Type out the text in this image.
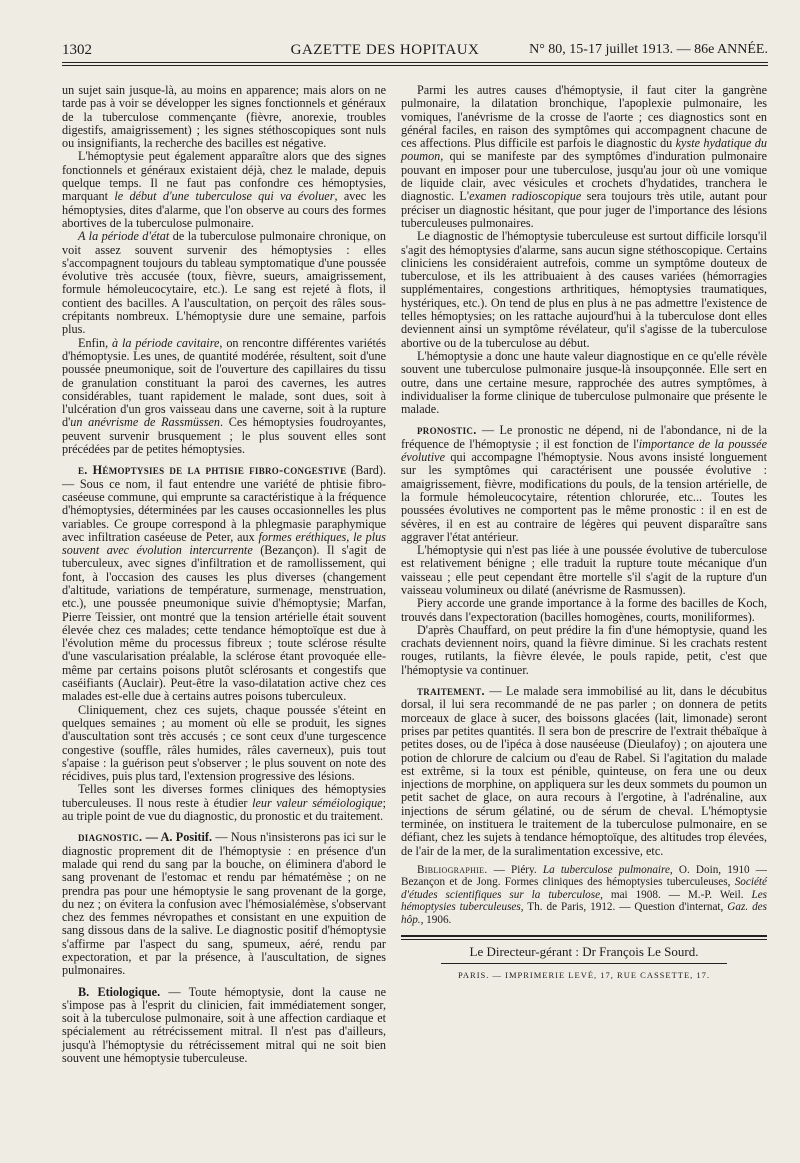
1302	GAZETTE DES HOPITAUX	N° 80, 15-17 juillet 1913. — 86e ANNÉE.

un sujet sain jusque-là, au moins en apparence; mais alors on ne tarde pas à voir se développer les signes fonctionnels et généraux de la tuberculose commençante (fièvre, anorexie, troubles digestifs, amaigrissement) ; les signes stéthoscopiques sont nuls ou insignifiants, la recherche des bacilles est négative.

L'hémoptysie peut également apparaître alors que des signes fonctionnels et généraux existaient déjà, chez le malade, depuis quelque temps. Il ne faut pas confondre ces hémoptysies, marquant le début d'une tuberculose qui va évoluer, avec les hémoptysies, dites d'alarme, que l'on observe au cours des formes abortives de la tuberculose pulmonaire.

A la période d'état de la tuberculose pulmonaire chronique, on voit assez souvent survenir des hémoptysies : elles s'accompagnent toujours du tableau symptomatique d'une poussée évolutive très accusée (toux, fièvre, sueurs, amaigrissement, formule hémoleucocytaire, etc.). Le sang est rejeté à flots, il contient des bacilles. A l'auscultation, on perçoit des râles sous-crépitants nombreux. L'hémoptysie dure une semaine, parfois plus.

Enfin, à la période cavitaire, on rencontre différentes variétés d'hémoptysie. Les unes, de quantité modérée, résultent, soit d'une poussée pneumonique, soit de l'ouverture des capillaires du tissu de granulation constituant la paroi des cavernes, les autres considérables, tuant rapidement le malade, sont dues, soit à l'ulcération d'un gros vaisseau dans une caverne, soit à la rupture d'un anévrisme de Rassmüssen. Ces hémoptysies foudroyantes, peuvent survenir brusquement ; le plus souvent elles sont précédées par de petites hémoptysies.

e. Hémoptysies de la phtisie fibro-congestive (Bard). — Sous ce nom, il faut entendre une variété de phtisie fibro-caséeuse commune, qui emprunte sa caractéristique à la fréquence d'hémoptysies, déterminées par les causes occasionnelles les plus variables. Ce groupe correspond à la phlegmasie paraphymique avec infiltration caséeuse de Peter, aux formes eréthiques, le plus souvent avec évolution intercurrente (Bezançon). Il s'agit de tuberculeux, avec signes d'infiltration et de ramollissement, qui font, à l'occasion des causes les plus diverses (changement d'altitude, variations de température, surmenage, menstruation, etc.), une poussée pneumonique suivie d'hémoptysie; Marfan, Pierre Teissier, ont montré que la tension artérielle était souvent élevée chez ces malades; cette tendance hémoptoïque est due à l'évolution même du processus fibreux ; toute sclérose résulte d'une vascularisation préalable, la sclérose étant provoquée elle-même par certains poisons plutôt sclérosants et congestifs que caséifiants (Auclair). Peut-être la vaso-dilatation active chez ces malades est-elle due à certains autres poisons tuberculeux.

Cliniquement, chez ces sujets, chaque poussée s'éteint en quelques semaines ; au moment où elle se produit, les signes d'auscultation sont très accusés ; ce sont ceux d'une turgescence congestive (souffle, râles humides, râles caverneux), puis tout s'apaise : la guérison peut s'observer ; le plus souvent on note des récidives, puis plus tard, l'extension progressive des lésions.

Telles sont les diverses formes cliniques des hémoptysies tuberculeuses. Il nous reste à étudier leur valeur séméiologique; au triple point de vue du diagnostic, du pronostic et du traitement.

diagnostic. — A. Positif. — Nous n'insisterons pas ici sur le diagnostic proprement dit de l'hémoptysie : en présence d'un malade qui rend du sang par la bouche, on éliminera d'abord le sang provenant de l'estomac et rendu par hématémèse ; on ne prendra pas pour une hémoptysie le sang provenant de la gorge, du nez ; on évitera la confusion avec l'hémosialémèse, s'observant chez des femmes névropathes et consistant en une expuition de sang dissous dans de la salive. Le diagnostic positif d'hémoptysie s'affirme par l'aspect du sang, spumeux, aéré, rendu par expectoration, et par la présence, à l'auscultation, de signes pulmonaires.

B. Etiologique. — Toute hémoptysie, dont la cause ne s'impose pas à l'esprit du clinicien, fait immédiatement songer, soit à la tuberculose pulmonaire, soit à une affection cardiaque et spécialement au rétrécissement mitral. Il n'est pas d'ailleurs, jusqu'à l'hémoptysie du rétrécissement mitral qui ne soit bien souvent une hémoptysie tuberculeuse.

Parmi les autres causes d'hémoptysie, il faut citer la gangrène pulmonaire, la dilatation bronchique, l'apoplexie pulmonaire, les vomiques, l'anévrisme de la crosse de l'aorte ; ces diagnostics sont en général faciles, en raison des symptômes qui accompagnent chacune de ces affections. Plus difficile est parfois le diagnostic du kyste hydatique du poumon, qui se manifeste par des symptômes d'induration pulmonaire pouvant en imposer pour une tuberculose, jusqu'au jour où une vomique de liquide clair, avec vésicules et crochets d'hydatides, tranchera le diagnostic. L'examen radioscopique sera toujours très utile, autant pour préciser un diagnostic hésitant, que pour juger de l'importance des lésions tuberculeuses pulmonaires.

Le diagnostic de l'hémoptysie tuberculeuse est surtout difficile lorsqu'il s'agit des hémoptysies d'alarme, sans aucun signe stéthoscopique. Certains cliniciens les considéraient autrefois, comme un symptôme douteux de tuberculose, et ils les attribuaient à des causes variées (hémorragies supplémentaires, congestions arthritiques, hémoptysies traumatiques, hystériques, etc.). On tend de plus en plus à ne pas admettre l'existence de telles hémoptysies; on les rattache aujourd'hui à la tuberculose dont elles deviennent ainsi un symptôme révélateur, qu'il s'agisse de la tuberculose abortive ou de la tuberculose au début.

L'hémoptysie a donc une haute valeur diagnostique en ce qu'elle révèle souvent une tuberculose pulmonaire jusque-là insoupçonnée. Elle sert en outre, dans une certaine mesure, rapprochée des autres symptômes, à individualiser la forme clinique de tuberculose pulmonaire que présente le malade.

pronostic. — Le pronostic ne dépend, ni de l'abondance, ni de la fréquence de l'hémoptysie ; il est fonction de l'importance de la poussée évolutive qui accompagne l'hémoptysie. Nous avons insisté longuement sur les symptômes qui caractérisent une poussée évolutive : amaigrissement, fièvre, modifications du pouls, de la tension artérielle, de la formule hémoleucocytaire, rétention chlorurée, etc... Toutes les poussées évolutives ne comportent pas le même pronostic : il en est de sévères, il en est au contraire de légères qui peuvent disparaître sans aggraver l'état antérieur.

L'hémoptysie qui n'est pas liée à une poussée évolutive de tuberculose est relativement bénigne ; elle traduit la rupture toute mécanique d'un vaisseau ; elle peut cependant être mortelle s'il s'agit de la rupture d'un vaisseau volumineux ou dilaté (anévrisme de Rasmussen).

Piery accorde une grande importance à la forme des bacilles de Koch, trouvés dans l'expectoration (bacilles homogènes, courts, moniliformes).

D'après Chauffard, on peut prédire la fin d'une hémoptysie, quand les crachats deviennent noirs, quand la fièvre diminue. Si les crachats restent rouges, rutilants, la fièvre élevée, le pouls rapide, petit, c'est que l'hémoptysie va continuer.

traitement. — Le malade sera immobilisé au lit, dans le décubitus dorsal, il lui sera recommandé de ne pas parler ; on donnera de petits morceaux de glace à sucer, des boissons glacées (lait, limonade) seront prises par petites quantités. Il sera bon de prescrire de l'extrait thébaïque à petites doses, ou de l'ipéca à dose nauséeuse (Dieulafoy) ; on ajoutera une potion de chlorure de calcium ou d'eau de Rabel. Si l'agitation du malade est extrême, si la toux est pénible, quinteuse, on fera une ou deux injections de morphine, on appliquera sur les deux sommets du poumon un petit sachet de glace, on aura recours à l'ergotine, à l'adrénaline, aux injections de sérum gélatiné, ou de sérum de cheval. L'hémoptysie terminée, on instituera le traitement de la tuberculose pulmonaire, en se défiant, chez les sujets à tendance hémoptoïque, des altitudes trop élevées, de l'air de la mer, de la suralimentation excessive, etc.

Bibliographie. — Piéry. La tuberculose pulmonaire, O. Doin, 1910 — Bezançon et de Jong. Formes cliniques des hémoptysies tuberculeuses, Société d'études scientifiques sur la tuberculose, mai 1908. — M.-P. Weil. Les hémoptysies tuberculeuses, Th. de Paris, 1912. — Question d'internat, Gaz. des hôp., 1906.

Le Directeur-gérant : Dr François Le Sourd.

PARIS. — IMPRIMERIE LEVÉ, 17, RUE CASSETTE, 17.
